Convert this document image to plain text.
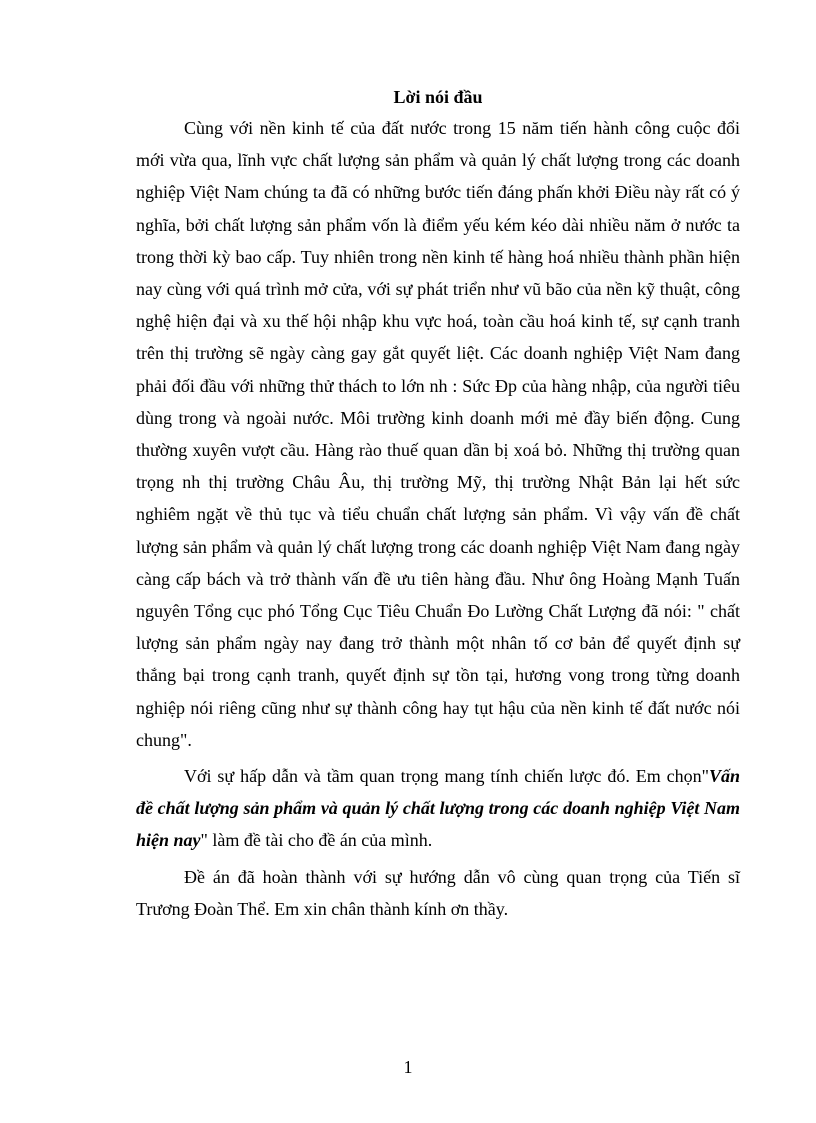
Lời nói đầu

Cùng với nền kinh tế của đất nước trong 15 năm tiến hành công cuộc đổi mới vừa qua, lĩnh vực chất lượng sản phẩm và quản lý chất lượng trong các doanh nghiệp Việt Nam chúng ta đã có những bước tiến đáng phấn khởi Điều này rất có ý nghĩa, bởi chất lượng sản phẩm vốn là điểm yếu kém kéo dài nhiều năm ở nước ta trong thời kỳ bao cấp. Tuy nhiên trong nền kinh tế hàng hoá nhiều thành phần hiện nay cùng với quá trình mở cửa, với sự phát triển như vũ bão của nền kỹ thuật, công nghệ hiện đại và xu thế hội nhập khu vực hoá, toàn cầu hoá kinh tế, sự cạnh tranh trên thị trường sẽ ngày càng gay gắt quyết liệt. Các doanh nghiệp Việt Nam đang phải đối đầu với những thử thách to lớn nh : Sức Đp của hàng nhập, của người tiêu dùng trong và ngoài nước. Môi trường kinh doanh mới mẻ đầy biến động. Cung thường xuyên vượt cầu. Hàng rào thuế quan dần bị xoá bỏ. Những thị trường quan trọng nh thị trường Châu Âu, thị trường Mỹ, thị trường Nhật Bản lại hết sức nghiêm ngặt về thủ tục và tiểu chuẩn chất lượng sản phẩm. Vì vậy vấn đề chất lượng sản phẩm và quản lý chất lượng trong các doanh nghiệp Việt Nam đang ngày càng cấp bách và trở thành vấn đề ưu tiên hàng đầu. Như ông Hoàng Mạnh Tuấn nguyên Tổng cục phó Tổng Cục Tiêu Chuẩn Đo Lường Chất Lượng đã nói: " chất lượng sản phẩm ngày nay đang trở thành một nhân tố cơ bản để quyết định sự thắng bại trong cạnh tranh, quyết định sự tồn tại, hương vong trong từng doanh nghiệp nói riêng cũng như sự thành công hay tụt hậu của nền kinh tế đất nước nói chung".

Với sự hấp dẫn và tầm quan trọng mang tính chiến lược đó. Em chọn"Vấn đề chất lượng sản phẩm và quản lý chất lượng trong các doanh nghiệp Việt Nam hiện nay" làm đề tài cho đề án của mình.

Đề án đã hoàn thành với sự hướng dẫn vô cùng quan trọng của Tiến sĩ Trương Đoàn Thể. Em xin chân thành kính ơn thầy.

1
